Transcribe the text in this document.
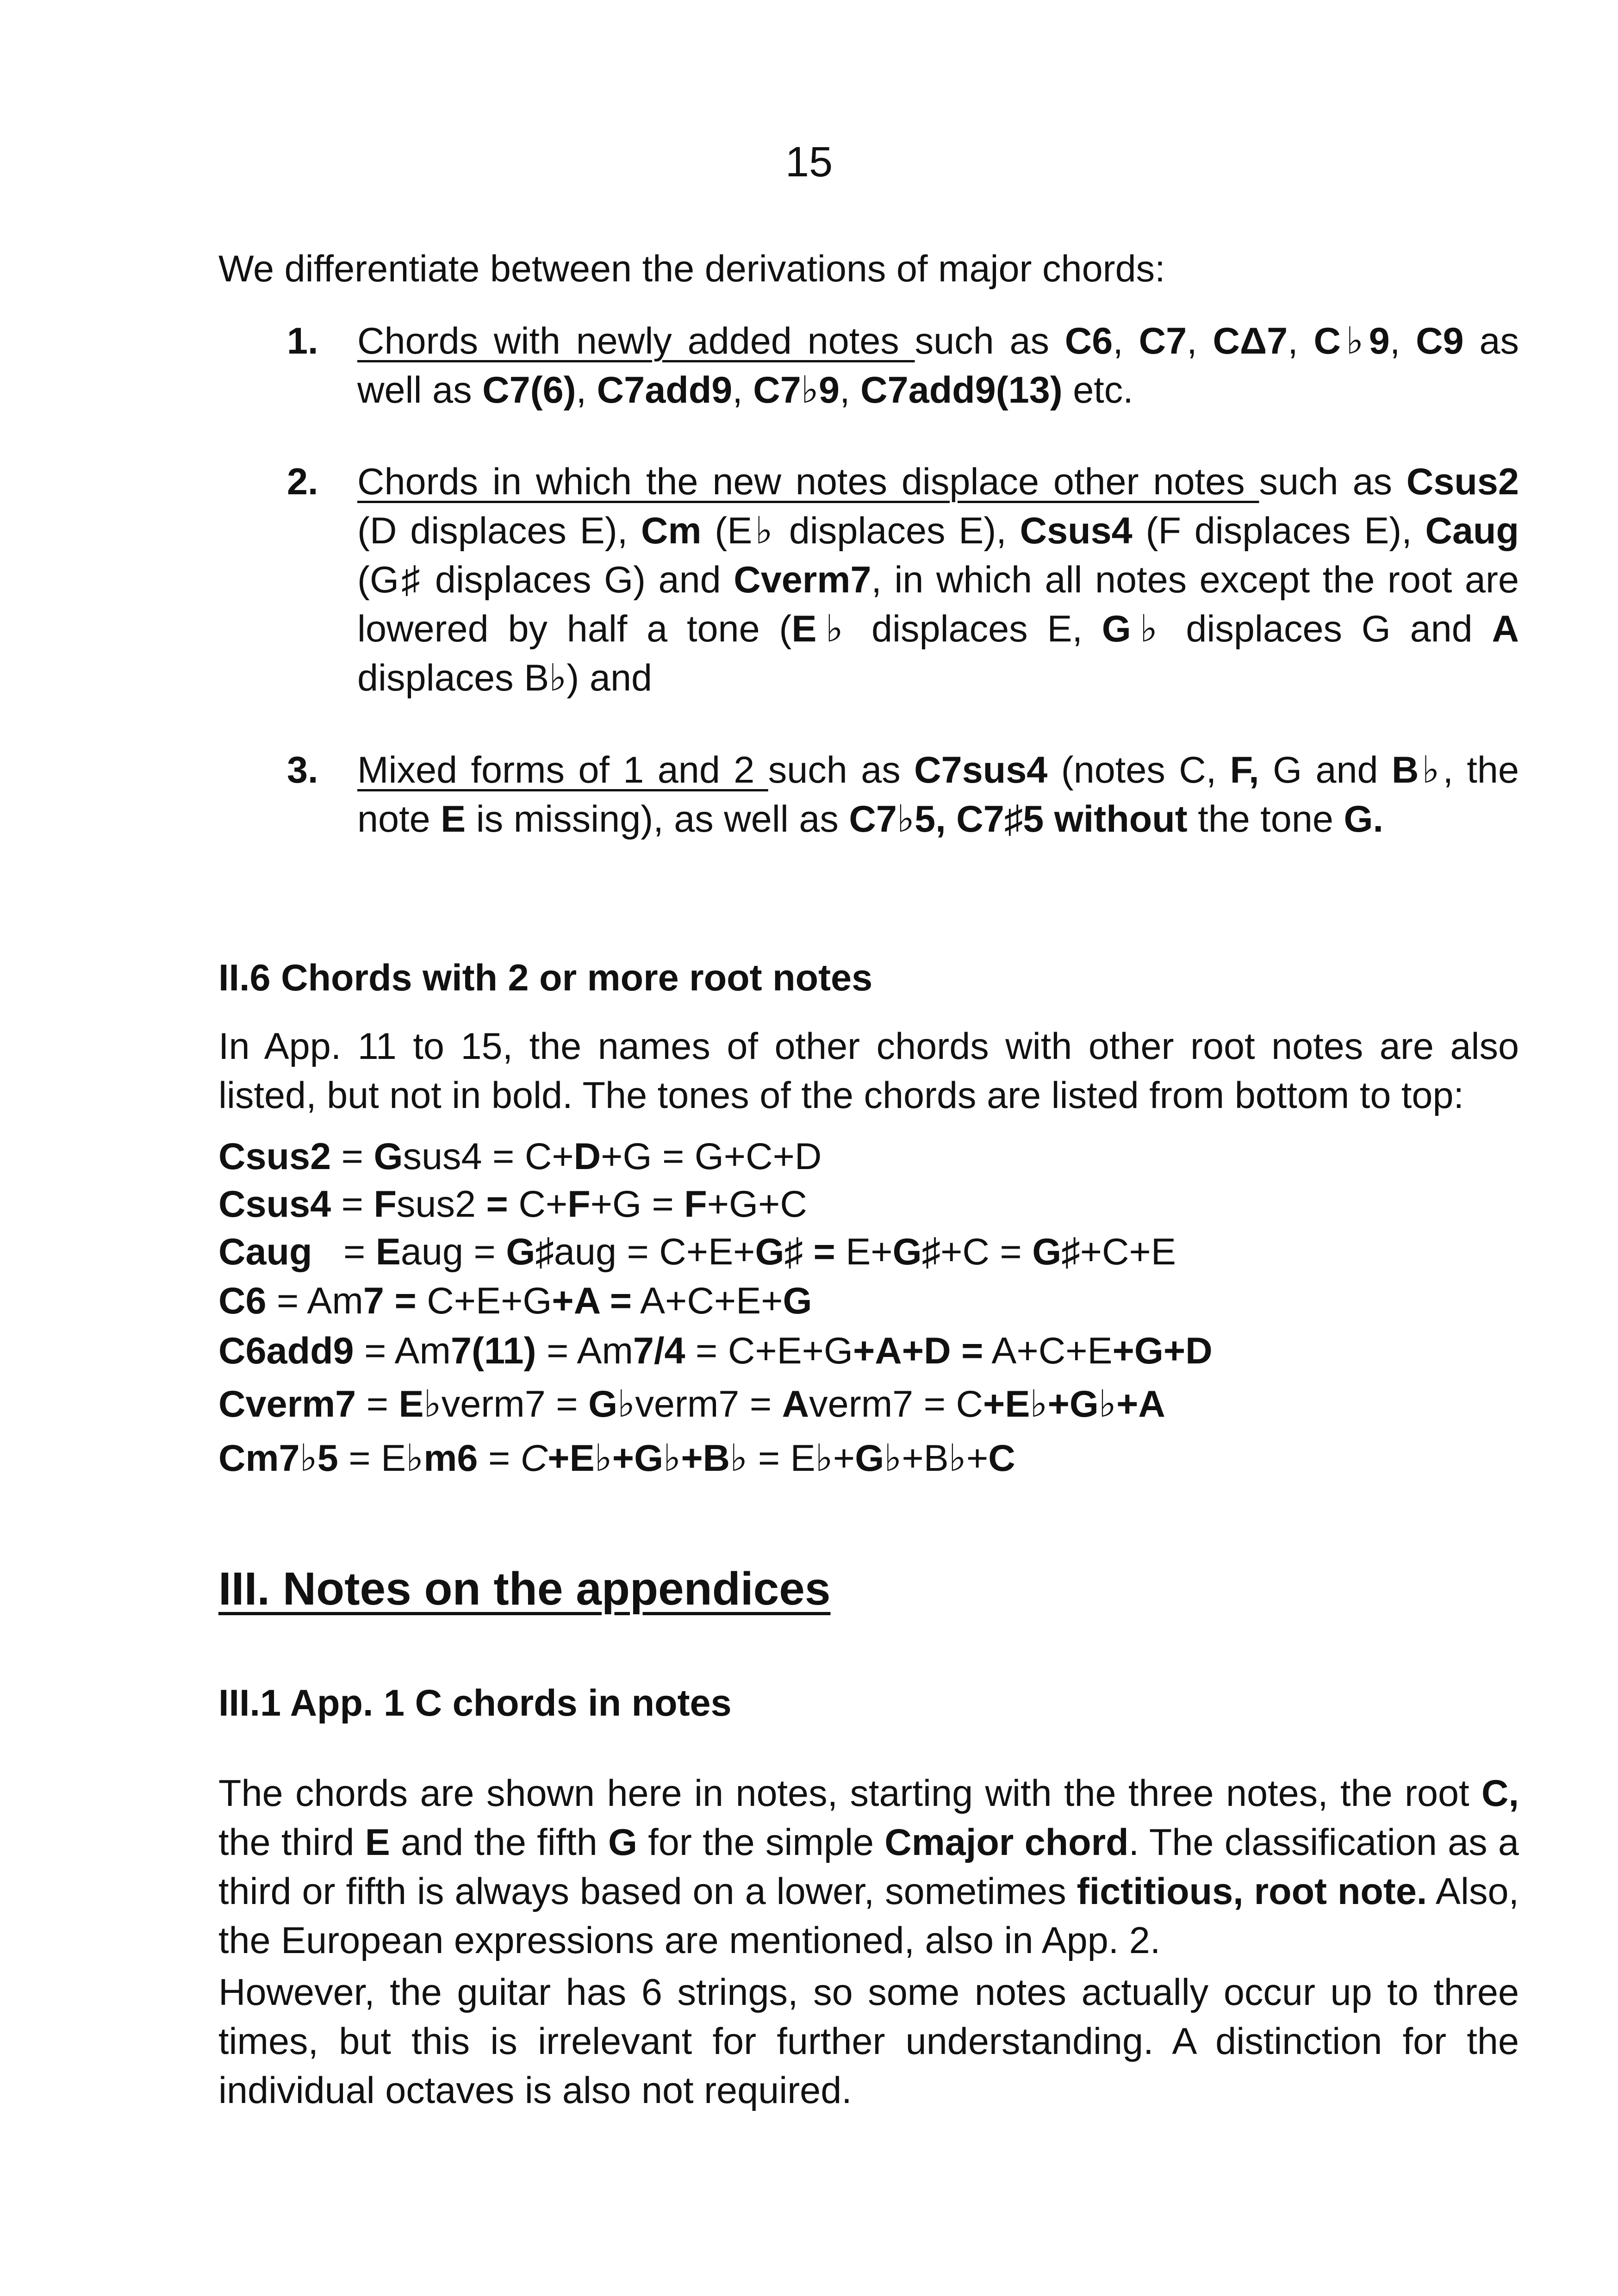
15
We differentiate between the derivations of major chords:
1. Chords with newly added notes such as C6, C7, CΔ7, C♭9, C9 as well as C7(6), C7add9, C7♭9, C7add9(13) etc.
2. Chords in which the new notes displace other notes such as Csus2 (D displaces E), Cm (E♭ displaces E), Csus4 (F displaces E), Caug (G♯ displaces G) and Cverm7, in which all notes except the root are lowered by half a tone (E♭ displaces E, G♭ displaces G and A displaces B♭) and
3. Mixed forms of 1 and 2 such as C7sus4 (notes C, F, G and B♭, the note E is missing), as well as C7♭5, C7♯5 without the tone G.
II.6 Chords with 2 or more root notes
In App. 11 to 15, the names of other chords with other root notes are also listed, but not in bold. The tones of the chords are listed from bottom to top:
Csus2 = Gsus4 = C+D+G = G+C+D
Csus4 = Fsus2 = C+F+G = F+G+C
Caug   = Eaug = G♯aug = C+E+G♯ = E+G♯+C = G♯+C+E
C6 = Am7 = C+E+G+A = A+C+E+G
C6add9 = Am7(11) = Am7/4 = C+E+G+A+D = A+C+E+G+D
Cverm7 = E♭verm7 = G♭verm7 = Averm7 = C+E♭+G♭+A
Cm7♭5 = E♭m6 = C+E♭+G♭+B♭ = E♭+G♭+B♭+C
III. Notes on the appendices
III.1 App. 1 C chords in notes
The chords are shown here in notes, starting with the three notes, the root C, the third E and the fifth G for the simple Cmajor chord. The classification as a third or fifth is always based on a lower, sometimes fictitious, root note. Also, the European expressions are mentioned, also in App. 2.
However, the guitar has 6 strings, so some notes actually occur up to three times, but this is irrelevant for further understanding. A distinction for the individual octaves is also not required.
